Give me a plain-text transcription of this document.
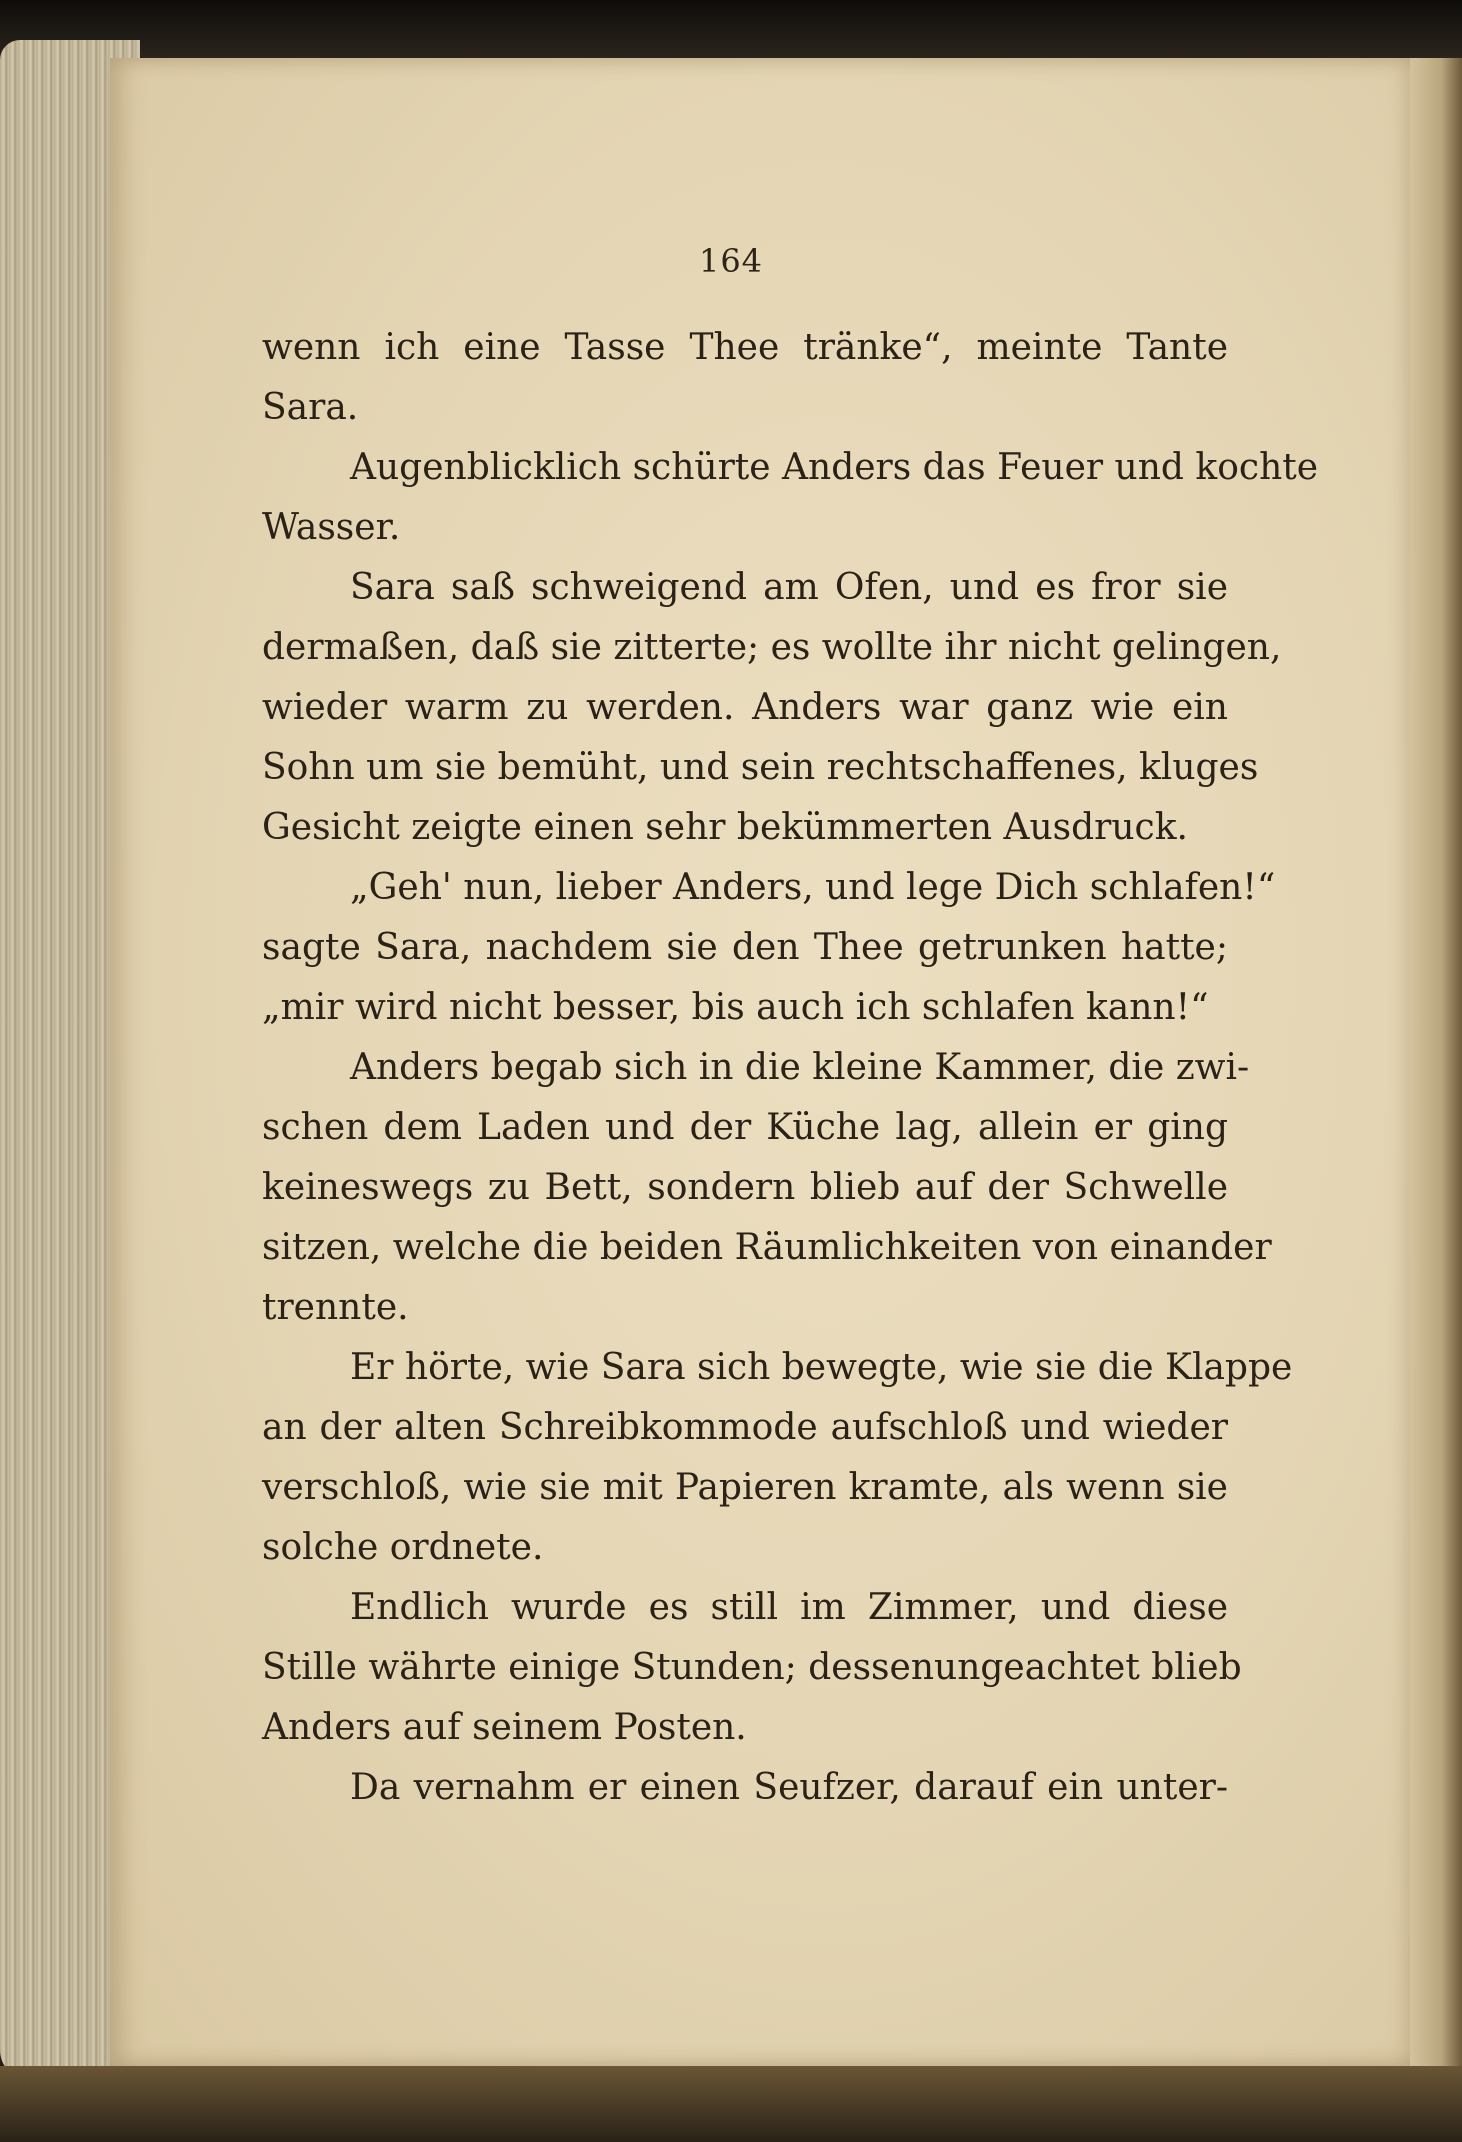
164
wenn ich eine Tasse Thee tränke“, meinte Tante
Sara.
Augenblicklich schürte Anders das Feuer und kochte
Wasser.
Sara saß schweigend am Ofen, und es fror sie
dermaßen, daß sie zitterte; es wollte ihr nicht gelingen,
wieder warm zu werden. Anders war ganz wie ein
Sohn um sie bemüht, und sein rechtschaffenes, kluges
Gesicht zeigte einen sehr bekümmerten Ausdruck.
„Geh' nun, lieber Anders, und lege Dich schlafen!“
sagte Sara, nachdem sie den Thee getrunken hatte;
„mir wird nicht besser, bis auch ich schlafen kann!“
Anders begab sich in die kleine Kammer, die zwi-
schen dem Laden und der Küche lag, allein er ging
keineswegs zu Bett, sondern blieb auf der Schwelle
sitzen, welche die beiden Räumlichkeiten von einander
trennte.
Er hörte, wie Sara sich bewegte, wie sie die Klappe
an der alten Schreibkommode aufschloß und wieder
verschloß, wie sie mit Papieren kramte, als wenn sie
solche ordnete.
Endlich wurde es still im Zimmer, und diese
Stille währte einige Stunden; dessenungeachtet blieb
Anders auf seinem Posten.
Da vernahm er einen Seufzer, darauf ein unter-
